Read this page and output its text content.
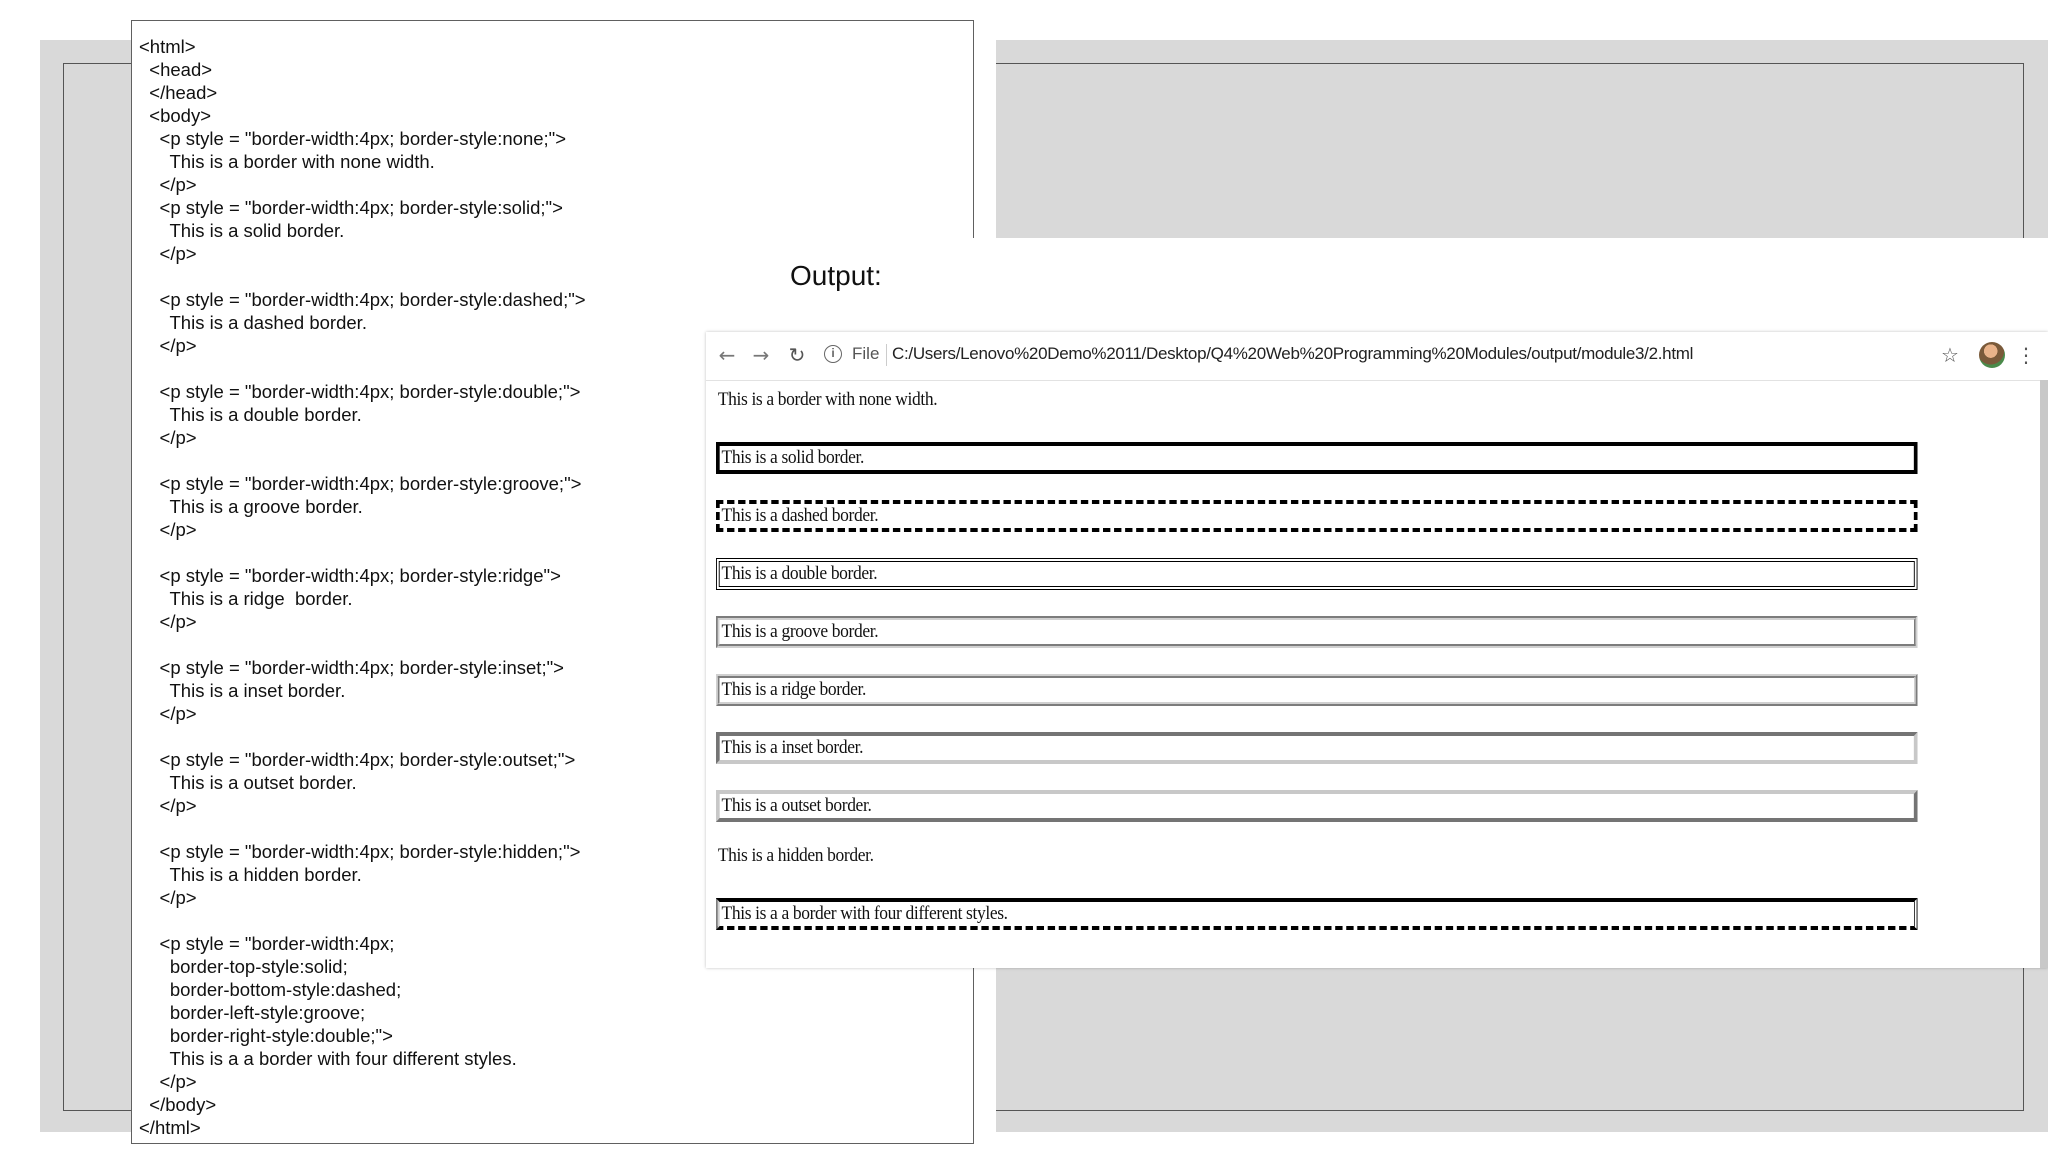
<html>
<head>
</head>
<body>
<p style = "border-width:4px; border-style:none;">
This is a border with none width.
</p>
<p style = "border-width:4px; border-style:solid;">
This is a solid border.
</p>
<p style = "border-width:4px; border-style:dashed;">
This is a dashed border.
</p>
<p style = "border-width:4px; border-style:double;">
This is a double border.
</p>
<p style = "border-width:4px; border-style:groove;">
This is a groove border.
</p>
<p style = "border-width:4px; border-style:ridge">
This is a ridge  border.
</p>
<p style = "border-width:4px; border-style:inset;">
This is a inset border.
</p>
<p style = "border-width:4px; border-style:outset;">
This is a outset border.
</p>
<p style = "border-width:4px; border-style:hidden;">
This is a hidden border.
</p>
<p style = "border-width:4px;
border-top-style:solid;
border-bottom-style:dashed;
border-left-style:groove;
border-right-style:double;">
This is a a border with four different styles.
</p>
</body>
</html>
Output:
← → ↻	i	File C:/Users/Lenovo%20Demo%2011/Desktop/Q4%20Web%20Programming%20Modules/output/module3/2.html	☆	⋮
This is a border with none width.
This is a solid border.
This is a dashed border.
This is a double border.
This is a groove border.
This is a ridge border.
This is a inset border.
This is a outset border.
This is a hidden border.
This is a a border with four different styles.
